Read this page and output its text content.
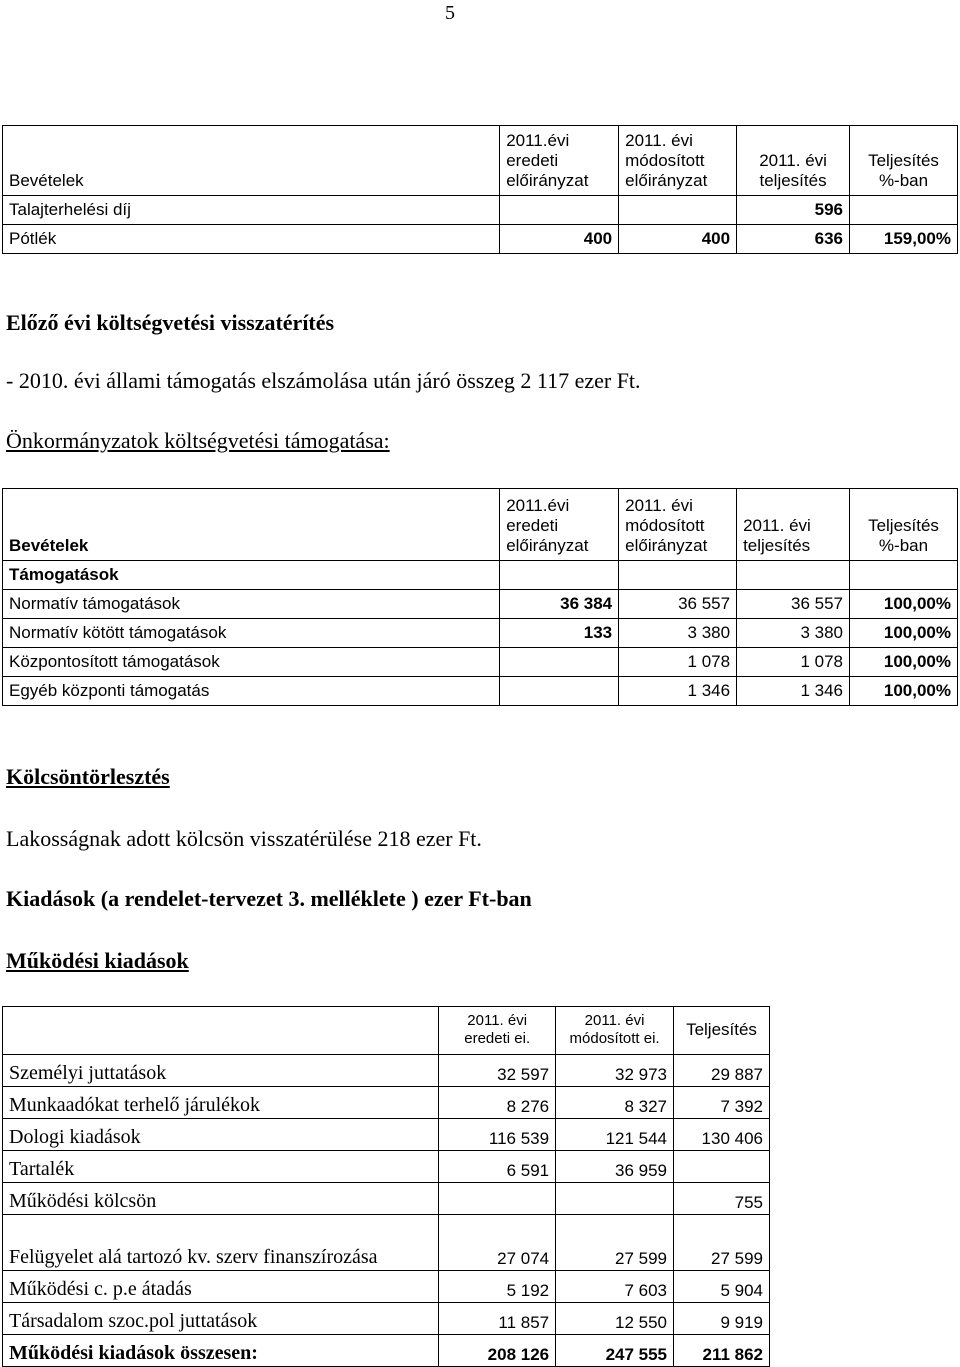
5
Bevételek	2011.évi eredeti előirányzat	2011. évi módosított előirányzat	2011. évi teljesítés	Teljesítés %-ban
Talajterhelési díj			596	
Pótlék	400	400	636	159,00%
Előző évi költségvetési visszatérítés
- 2010. évi állami támogatás elszámolása után járó összeg 2 117 ezer Ft.
Önkormányzatok költségvetési támogatása:
Bevételek	2011.évi eredeti előirányzat	2011. évi módosított előirányzat	2011. évi teljesítés	Teljesítés %-ban
Támogatások				
Normatív támogatások	36 384	36 557	36 557	100,00%
Normatív kötött támogatások	133	3 380	3 380	100,00%
Központosított támogatások		1 078	1 078	100,00%
Egyéb központi támogatás		1 346	1 346	100,00%
Kölcsöntörlesztés
Lakosságnak adott kölcsön visszatérülése 218 ezer Ft.
Kiadások (a rendelet-tervezet 3. melléklete ) ezer Ft-ban
Működési kiadások
	2011. évi eredeti ei.	2011. évi módosított ei.	Teljesítés
Személyi juttatások	32 597	32 973	29 887
Munkaadókat terhelő járulékok	8 276	8 327	7 392
Dologi kiadások	116 539	121 544	130 406
Tartalék	6 591	36 959	
Működési kölcsön			755
Felügyelet alá tartozó kv. szerv finanszírozása	27 074	27 599	27 599
Működési c. p.e átadás	5 192	7 603	5 904
Társadalom szoc.pol juttatások	11 857	12 550	9 919
Működési kiadások összesen:	208 126	247 555	211 862
